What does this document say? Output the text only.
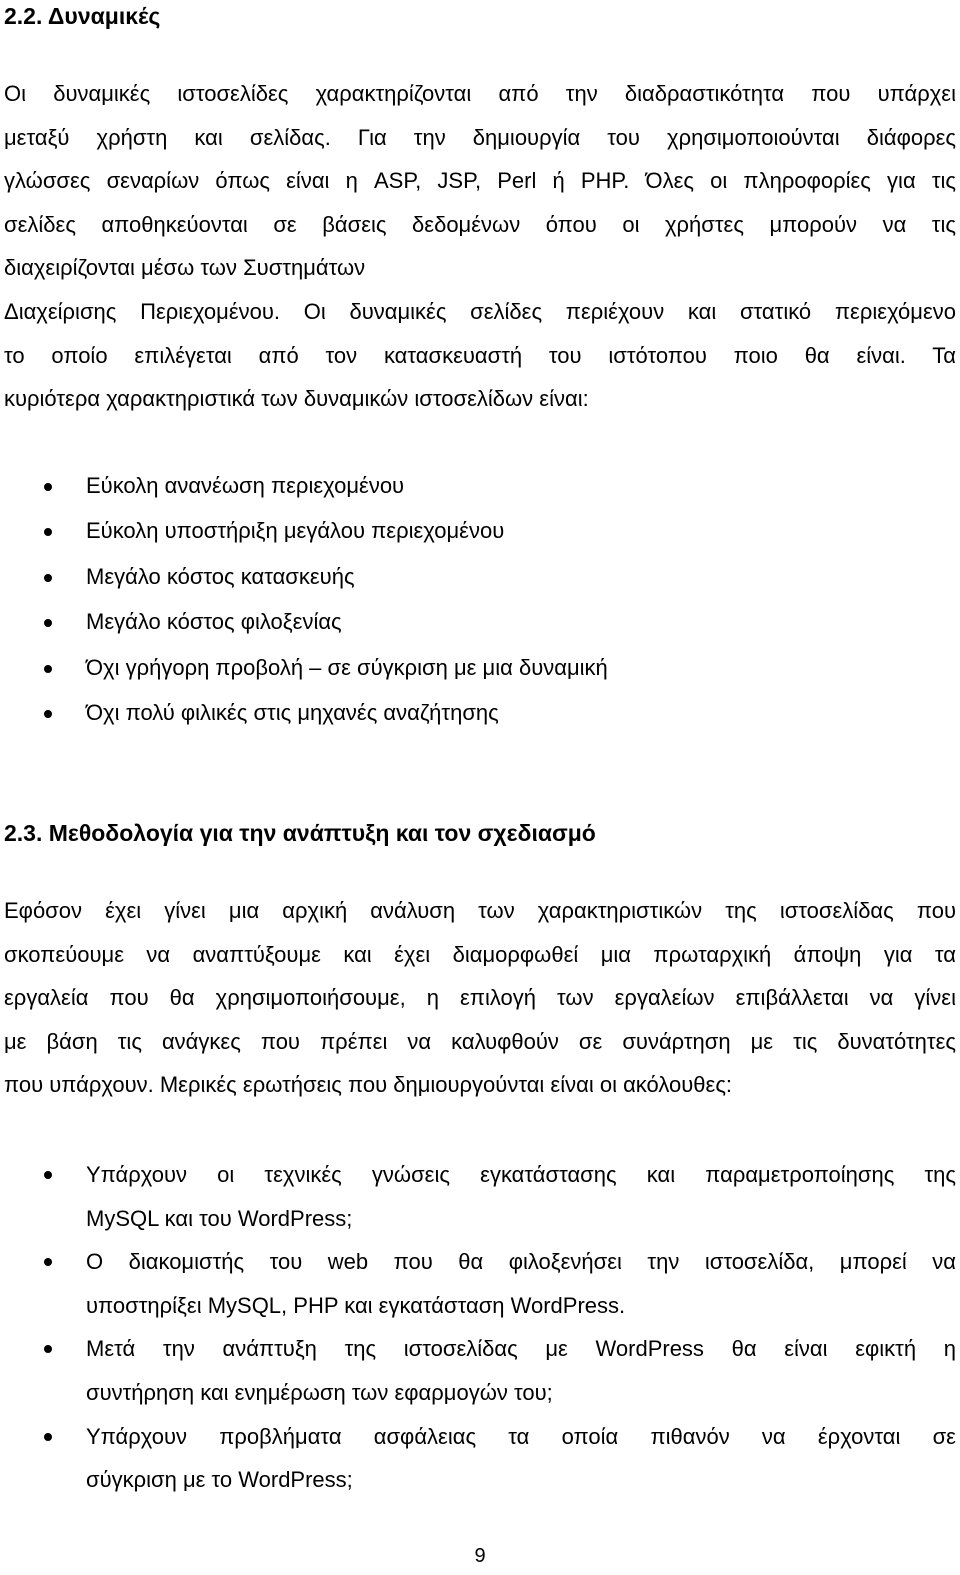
2.2. Δυναμικές

Οι δυναμικές ιστοσελίδες χαρακτηρίζονται από την διαδραστικότητα που υπάρχει
μεταξύ χρήστη και σελίδας. Για την δημιουργία του χρησιμοποιούνται διάφορες
γλώσσες σεναρίων όπως είναι η ASP, JSP, Perl ή PHP. Όλες οι πληροφορίες για τις
σελίδες αποθηκεύονται σε βάσεις δεδομένων όπου οι χρήστες μπορούν να τις
διαχειρίζονται μέσω των Συστημάτων
Διαχείρισης Περιεχομένου. Οι δυναμικές σελίδες περιέχουν και στατικό περιεχόμενο
το οποίο επιλέγεται από τον κατασκευαστή του ιστότοπου ποιο θα είναι. Τα
κυριότερα χαρακτηριστικά των δυναμικών ιστοσελίδων είναι:

Εύκολη ανανέωση περιεχομένου
Εύκολη υποστήριξη μεγάλου περιεχομένου
Μεγάλο κόστος κατασκευής
Μεγάλο κόστος φιλοξενίας
Όχι γρήγορη προβολή – σε σύγκριση με μια δυναμική
Όχι πολύ φιλικές στις μηχανές αναζήτησης
2.3. Μεθοδολογία για την ανάπτυξη και τον σχεδιασμό

Εφόσον έχει γίνει μια αρχική ανάλυση των χαρακτηριστικών της ιστοσελίδας που
σκοπεύουμε να αναπτύξουμε και έχει διαμορφωθεί μια πρωταρχική άποψη για τα
εργαλεία που θα χρησιμοποιήσουμε, η επιλογή των εργαλείων επιβάλλεται να γίνει
με βάση τις ανάγκες που πρέπει να καλυφθούν σε συνάρτηση με τις δυνατότητες
που υπάρχουν. Μερικές ερωτήσεις που δημιουργούνται είναι οι ακόλουθες:

Υπάρχουν οι τεχνικές γνώσεις εγκατάστασης και παραμετροποίησης της
MySQL και του WordPress;
Ο διακομιστής του web που θα φιλοξενήσει την ιστοσελίδα, μπορεί να
υποστηρίξει MySQL, PHP και εγκατάσταση WordPress.
Μετά την ανάπτυξη της ιστοσελίδας με WordPress θα είναι εφικτή η
συντήρηση και ενημέρωση των εφαρμογών του;
Υπάρχουν προβλήματα ασφάλειας τα οποία πιθανόν να έρχονται σε
σύγκριση με το WordPress;
9
